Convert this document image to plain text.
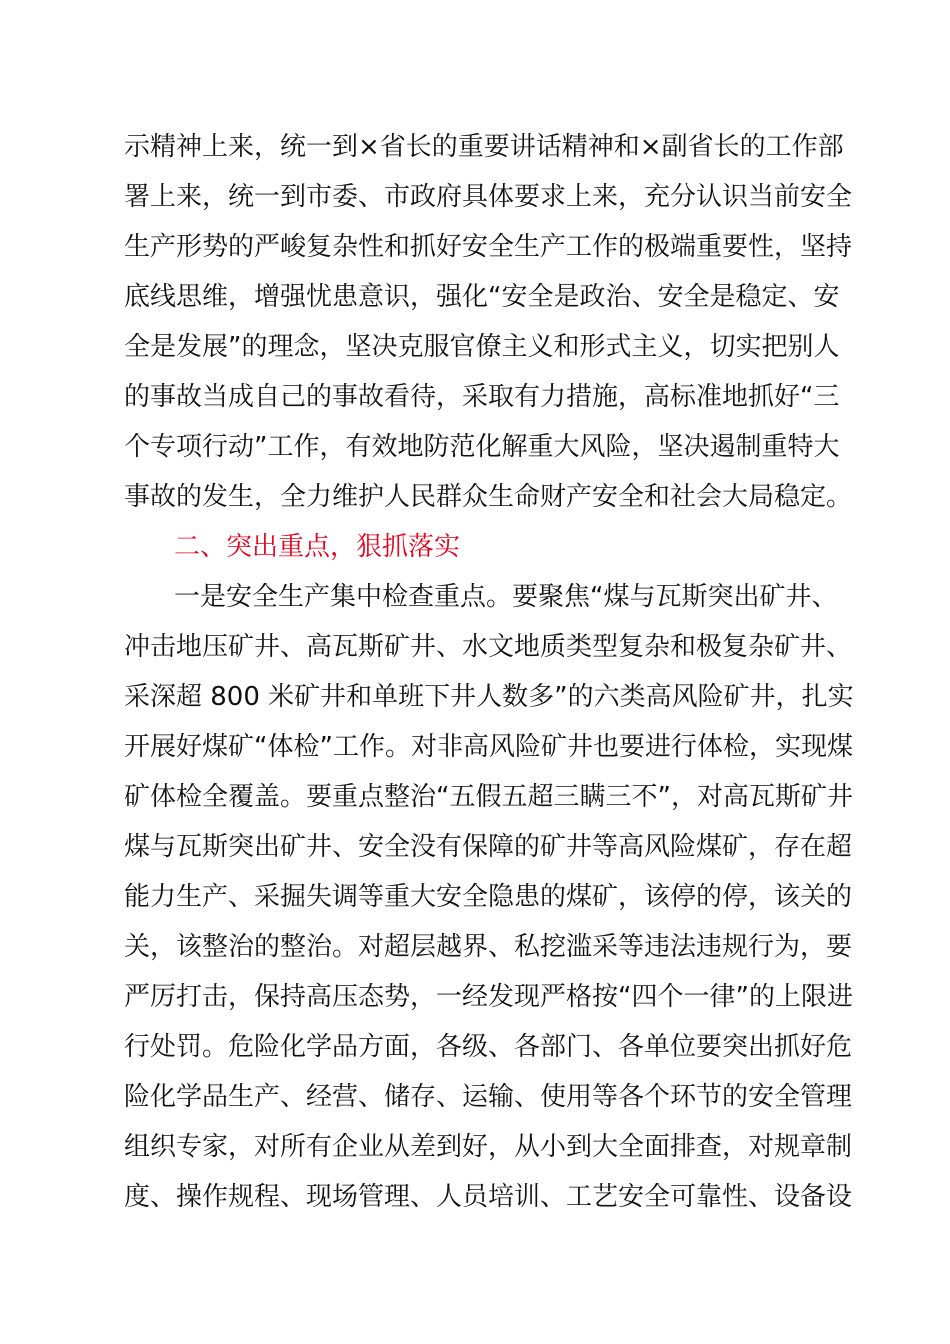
示精神上来，统一到×省长的重要讲话精神和×副省长的工作部
署上来，统一到市委、市政府具体要求上来，充分认识当前安全
生产形势的严峻复杂性和抓好安全生产工作的极端重要性，坚持
底线思维，增强忧患意识，强化“安全是政治、安全是稳定、安
全是发展”的理念，坚决克服官僚主义和形式主义，切实把别人
的事故当成自己的事故看待，采取有力措施，高标准地抓好“三
个专项行动”工作，有效地防范化解重大风险，坚决遏制重特大
事故的发生，全力维护人民群众生命财产安全和社会大局稳定。
二、突出重点，狠抓落实
一是安全生产集中检查重点。要聚焦“煤与瓦斯突出矿井、
冲击地压矿井、高瓦斯矿井、水文地质类型复杂和极复杂矿井、
采深超 800 米矿井和单班下井人数多”的六类高风险矿井，扎实
开展好煤矿“体检”工作。对非高风险矿井也要进行体检，实现煤
矿体检全覆盖。要重点整治“五假五超三瞒三不”，对高瓦斯矿井
煤与瓦斯突出矿井、安全没有保障的矿井等高风险煤矿，存在超
能力生产、采掘失调等重大安全隐患的煤矿，该停的停，该关的
关，该整治的整治。对超层越界、私挖滥采等违法违规行为，要
严厉打击，保持高压态势，一经发现严格按“四个一律”的上限进
行处罚。危险化学品方面，各级、各部门、各单位要突出抓好危
险化学品生产、经营、储存、运输、使用等各个环节的安全管理
组织专家，对所有企业从差到好，从小到大全面排查，对规章制
度、操作规程、现场管理、人员培训、工艺安全可靠性、设备设
